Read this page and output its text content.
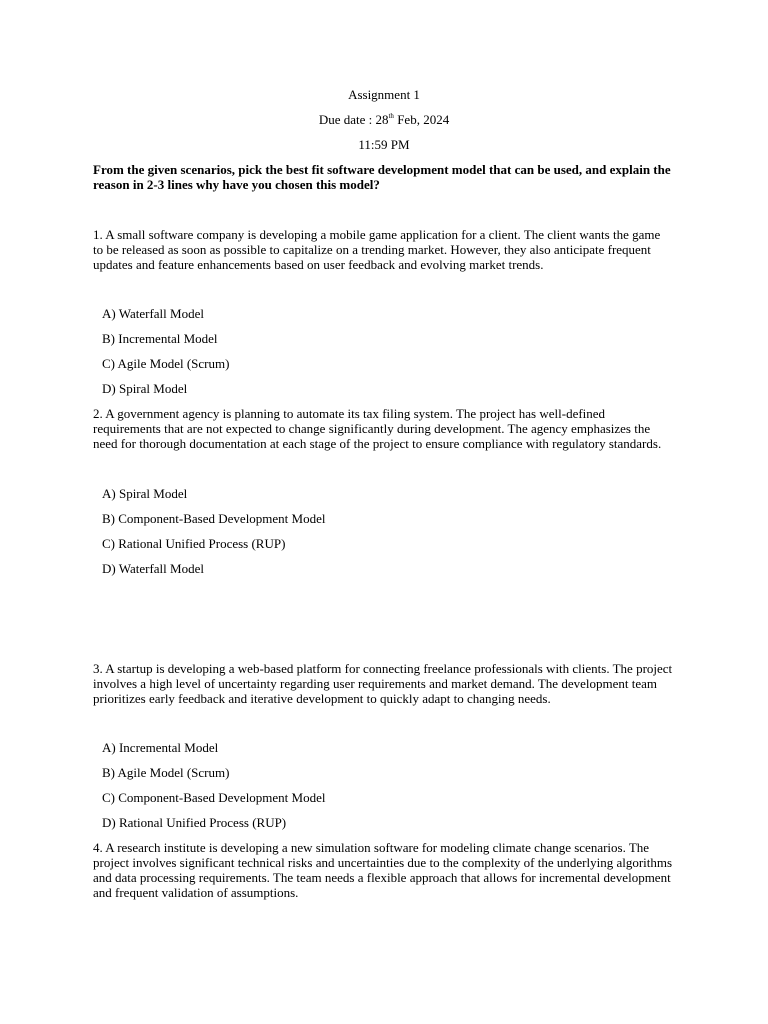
Assignment 1
Due date : 28th Feb, 2024
11:59 PM
From the given scenarios, pick the best fit software development model that can be used, and explain the reason in 2-3 lines why have you chosen this model?
1. A small software company is developing a mobile game application for a client. The client wants the game to be released as soon as possible to capitalize on a trending market. However, they also anticipate frequent updates and feature enhancements based on user feedback and evolving market trends.
A) Waterfall Model
B) Incremental Model
C) Agile Model (Scrum)
D) Spiral Model
2. A government agency is planning to automate its tax filing system. The project has well-defined requirements that are not expected to change significantly during development. The agency emphasizes the need for thorough documentation at each stage of the project to ensure compliance with regulatory standards.
A) Spiral Model
B) Component-Based Development Model
C) Rational Unified Process (RUP)
D) Waterfall Model
3. A startup is developing a web-based platform for connecting freelance professionals with clients. The project involves a high level of uncertainty regarding user requirements and market demand. The development team prioritizes early feedback and iterative development to quickly adapt to changing needs.
A) Incremental Model
B) Agile Model (Scrum)
C) Component-Based Development Model
D) Rational Unified Process (RUP)
4. A research institute is developing a new simulation software for modeling climate change scenarios. The project involves significant technical risks and uncertainties due to the complexity of the underlying algorithms and data processing requirements. The team needs a flexible approach that allows for incremental development and frequent validation of assumptions.
